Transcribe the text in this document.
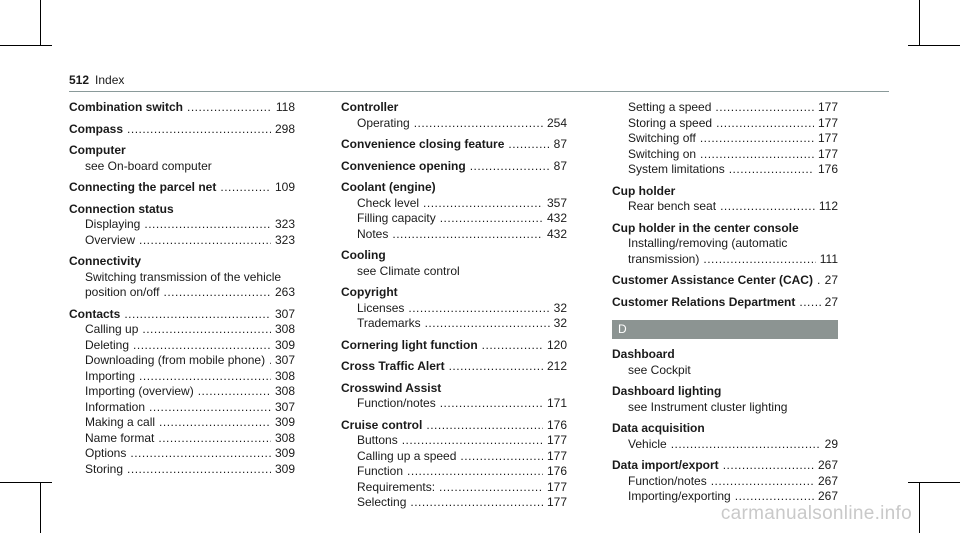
512 Index
Combination switch .....	118
Compass .....	298
Computer
see On-board computer
Connecting the parcel net .....	109
Connection status
Displaying .....	323
Overview .....	323
Connectivity
Switching transmission of the vehicle
position on/off .....	263
Contacts .....	307
Calling up .....	308
Deleting .....	309
Downloading (from mobile phone) ..... 307
Importing .....	308
Importing (overview) .....	308
Information .....	307
Making a call .....	309
Name format .....	308
Options .....	309
Storing .....	309
Controller
Operating .....	254
Convenience closing feature .....	87
Convenience opening .....	87
Coolant (engine)
Check level .....	357
Filling capacity .....	432
Notes .....	432
Cooling
see Climate control
Copyright
Licenses .....	32
Trademarks .....	32
Cornering light function .....	120
Cross Traffic Alert .....	212
Crosswind Assist
Function/notes .....	171
Cruise control .....	176
Buttons .....	177
Calling up a speed .....	177
Function .....	176
Requirements: .....	177
Selecting .....	177
Setting a speed .....	177
Storing a speed .....	177
Switching off .....	177
Switching on .....	177
System limitations .....	176
Cup holder
Rear bench seat .....	112
Cup holder in the center console
Installing/removing (automatic
transmission) .....	111
Customer Assistance Center (CAC) ..... 27
Customer Relations Department ..... 27
D
Dashboard
see Cockpit
Dashboard lighting
see Instrument cluster lighting
Data acquisition
Vehicle .....	29
Data import/export .....	267
Function/notes .....	267
Importing/exporting .....	267
carmanualsonline.info
